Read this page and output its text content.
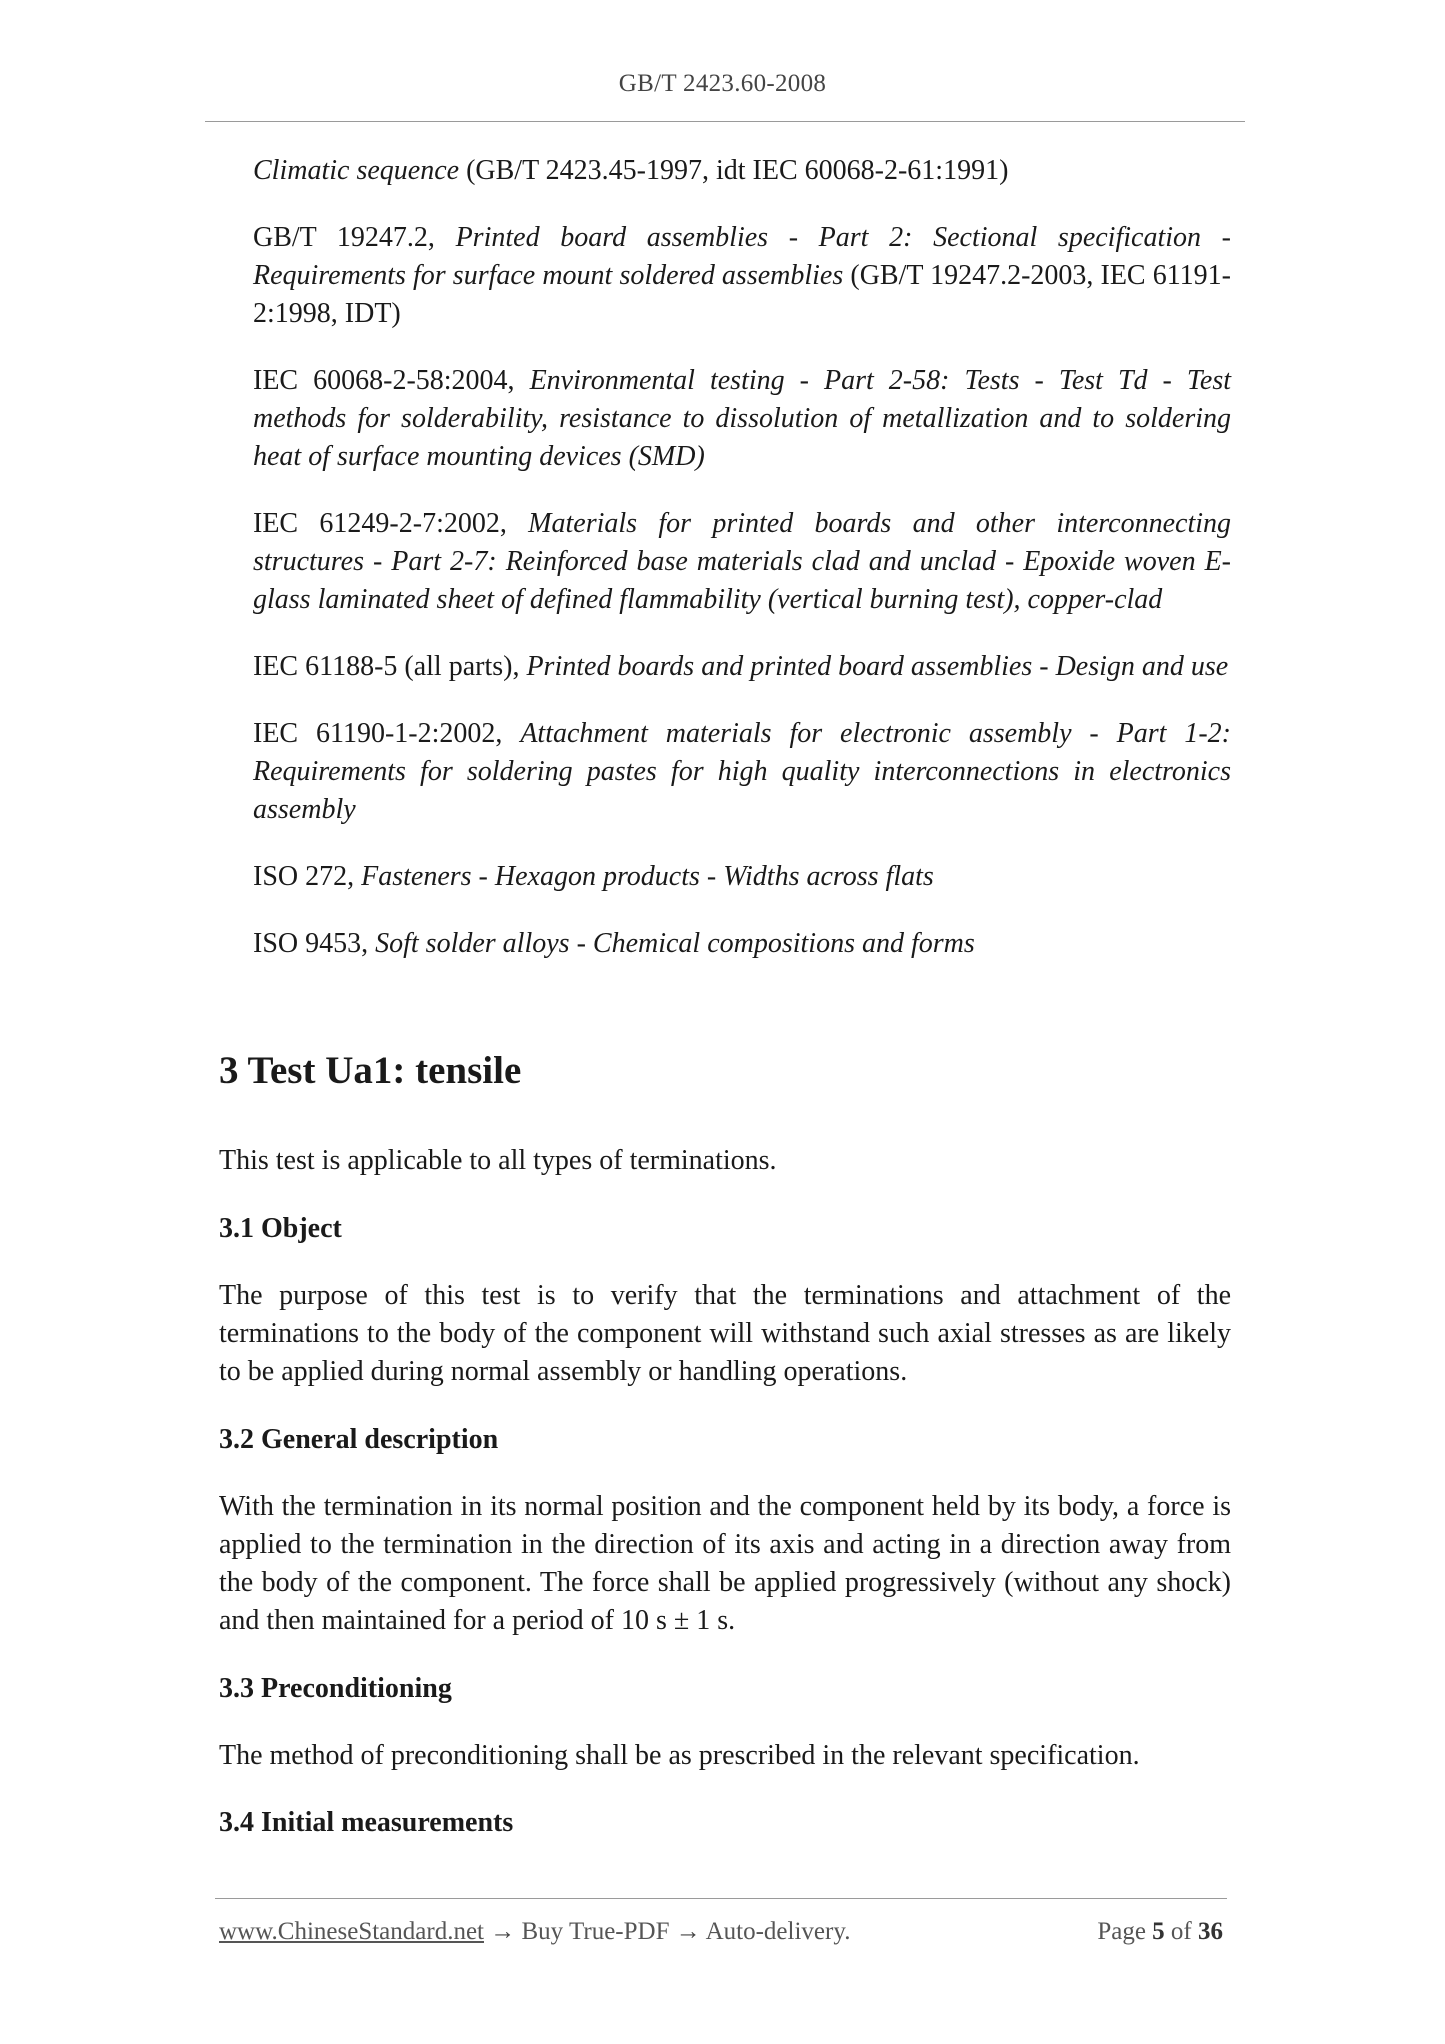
GB/T 2423.60-2008
Climatic sequence (GB/T 2423.45-1997, idt IEC 60068-2-61:1991)
GB/T 19247.2, Printed board assemblies - Part 2: Sectional specification - Requirements for surface mount soldered assemblies (GB/T 19247.2-2003, IEC 61191-2:1998, IDT)
IEC 60068-2-58:2004, Environmental testing - Part 2-58: Tests - Test Td - Test methods for solderability, resistance to dissolution of metallization and to soldering heat of surface mounting devices (SMD)
IEC 61249-2-7:2002, Materials for printed boards and other interconnecting structures - Part 2-7: Reinforced base materials clad and unclad - Epoxide woven E-glass laminated sheet of defined flammability (vertical burning test), copper-clad
IEC 61188-5 (all parts), Printed boards and printed board assemblies - Design and use
IEC 61190-1-2:2002, Attachment materials for electronic assembly - Part 1-2: Requirements for soldering pastes for high quality interconnections in electronics assembly
ISO 272, Fasteners - Hexagon products - Widths across flats
ISO 9453, Soft solder alloys - Chemical compositions and forms
3 Test Ua1: tensile

This test is applicable to all types of terminations.

3.1 Object

The purpose of this test is to verify that the terminations and attachment of the terminations to the body of the component will withstand such axial stresses as are likely to be applied during normal assembly or handling operations.

3.2 General description

With the termination in its normal position and the component held by its body, a force is applied to the termination in the direction of its axis and acting in a direction away from the body of the component. The force shall be applied progressively (without any shock) and then maintained for a period of 10 s ± 1 s.

3.3 Preconditioning

The method of preconditioning shall be as prescribed in the relevant specification.

3.4 Initial measurements
www.ChineseStandard.net → Buy True-PDF → Auto-delivery.	Page 5 of 36
